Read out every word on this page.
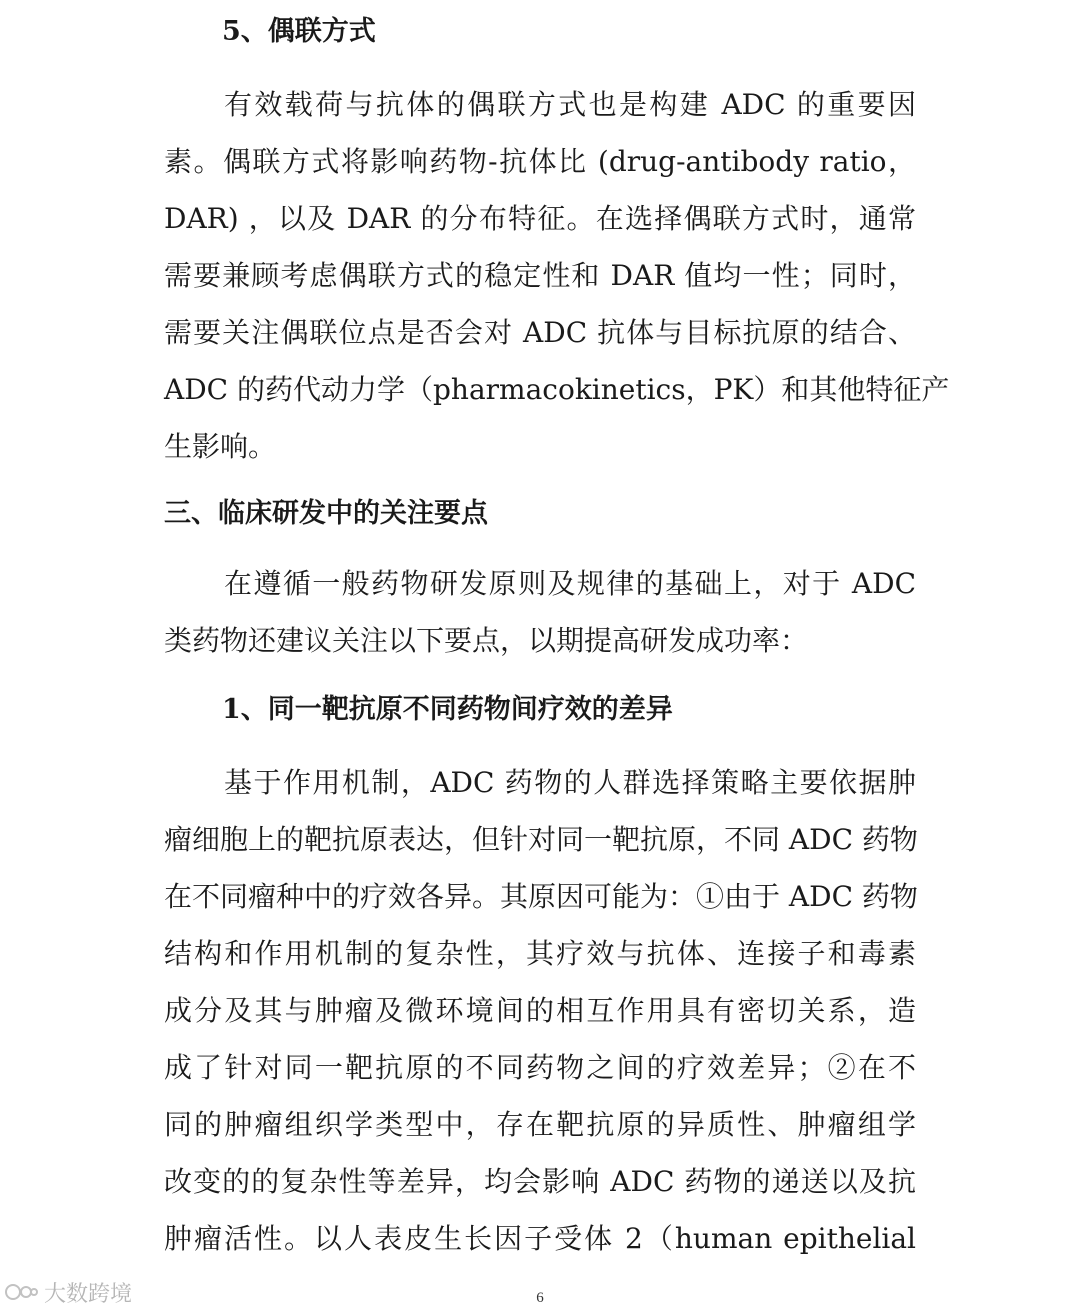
5、偶联方式
有效载荷与抗体的偶联方式也是构建 ADC 的重要因
素。偶联方式将影响药物-抗体比 (drug-antibody ratio，
DAR) ，以及 DAR 的分布特征。在选择偶联方式时，通常
需要兼顾考虑偶联方式的稳定性和 DAR 值均一性；同时，
需要关注偶联位点是否会对 ADC 抗体与目标抗原的结合、
ADC 的药代动力学（pharmacokinetics，PK）和其他特征产
生影响。
三、临床研发中的关注要点
在遵循一般药物研发原则及规律的基础上，对于 ADC
类药物还建议关注以下要点，以期提高研发成功率：
1、同一靶抗原不同药物间疗效的差异
基于作用机制，ADC 药物的人群选择策略主要依据肿
瘤细胞上的靶抗原表达，但针对同一靶抗原，不同 ADC 药物
在不同瘤种中的疗效各异。其原因可能为：①由于 ADC 药物
结构和作用机制的复杂性，其疗效与抗体、连接子和毒素
成分及其与肿瘤及微环境间的相互作用具有密切关系，造
成了针对同一靶抗原的不同药物之间的疗效差异；②在不
同的肿瘤组织学类型中，存在靶抗原的异质性、肿瘤组学
改变的的复杂性等差异，均会影响 ADC 药物的递送以及抗
肿瘤活性。以人表皮生长因子受体 2（human epithelial
大数跨境	6
